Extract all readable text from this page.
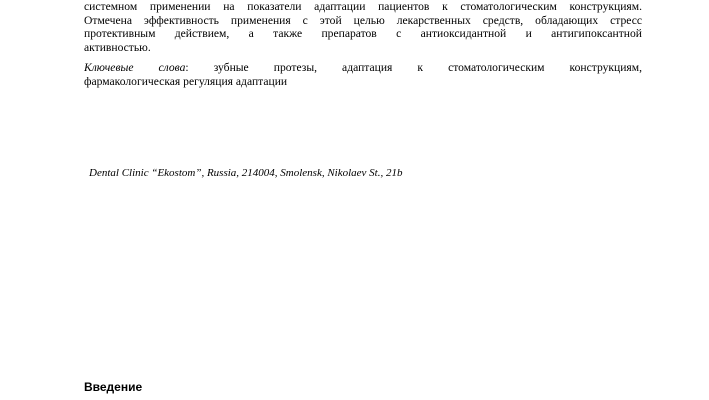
системном применении на показатели адаптации пациентов к стоматологическим конструкциям.
Отмечена эффективность применения с этой целью лекарственных средств, обладающих стресс
протективным действием, а также препаратов с антиоксидантной и антигипоксантной
активностью.
Ключевые слова: зубные протезы, адаптация к стоматологическим конструкциям,
фармакологическая регуляция адаптации
Dental Clinic “Ekostom”, Russia, 214004, Smolensk, Nikolaev St., 21b
Введение
